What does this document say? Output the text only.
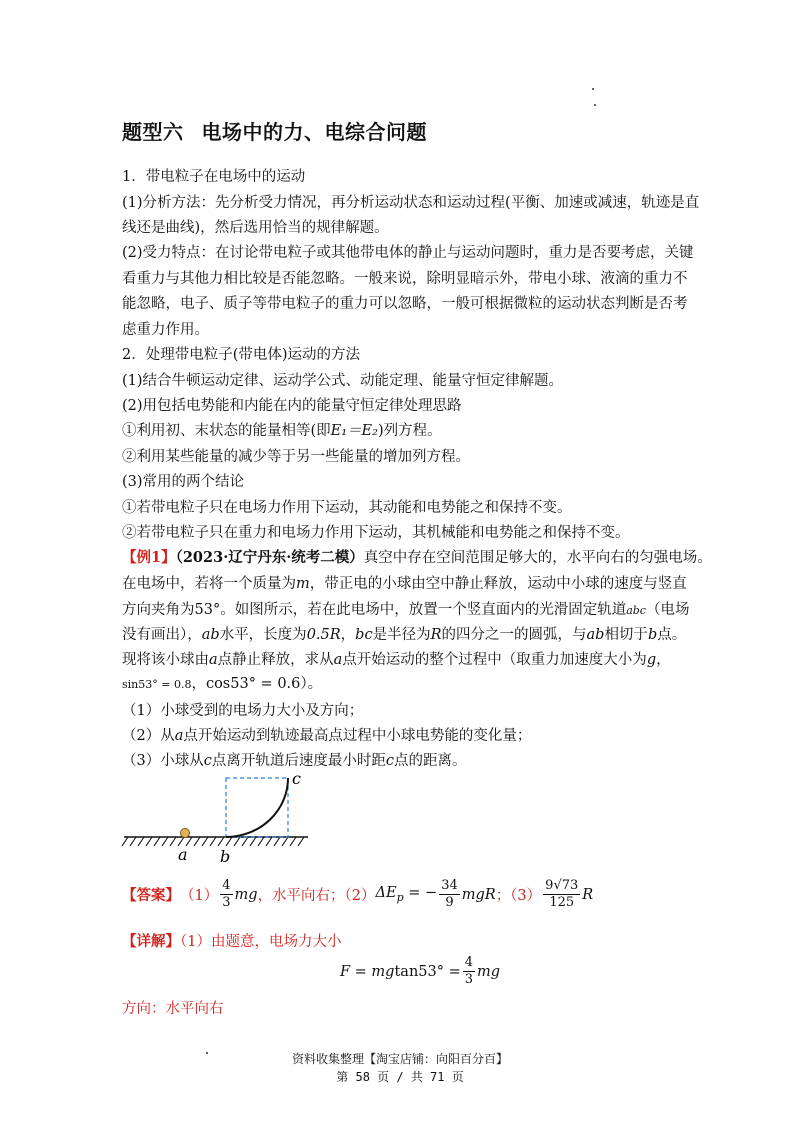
题型六 电场中的力、电综合问题
1．带电粒子在电场中的运动
(1)分析方法：先分析受力情况，再分析运动状态和运动过程(平衡、加速或减速，轨迹是直
线还是曲线)，然后选用恰当的规律解题。
(2)受力特点：在讨论带电粒子或其他带电体的静止与运动问题时，重力是否要考虑，关键
看重力与其他力相比较是否能忽略。一般来说，除明显暗示外，带电小球、液滴的重力不
能忽略，电子、质子等带电粒子的重力可以忽略，一般可根据微粒的运动状态判断是否考
虑重力作用。
2．处理带电粒子(带电体)运动的方法
(1)结合牛顿运动定律、运动学公式、动能定理、能量守恒定律解题。
(2)用包括电势能和内能在内的能量守恒定律处理思路
①利用初、末状态的能量相等(即E₁＝E₂)列方程。
②利用某些能量的减少等于另一些能量的增加列方程。
(3)常用的两个结论
①若带电粒子只在电场力作用下运动，其动能和电势能之和保持不变。
②若带电粒子只在重力和电场力作用下运动，其机械能和电势能之和保持不变。
【例1】（2023·辽宁丹东·统考二模）真空中存在空间范围足够大的，水平向右的匀强电场。
在电场中，若将一个质量为m，带正电的小球由空中静止释放，运动中小球的速度与竖直
方向夹角为53°。如图所示，若在此电场中，放置一个竖直面内的光滑固定轨道abc（电场
没有画出），ab水平，长度为0.5R，bc是半径为R的四分之一的圆弧，与ab相切于b点。
现将该小球由a点静止释放，求从a点开始运动的整个过程中（取重力加速度大小为g，
sin53° = 0.8，cos53° = 0.6）。
（1）小球受到的电场力大小及方向；
（2）从a点开始运动到轨迹最高点过程中小球电势能的变化量；
（3）小球从c点离开轨道后速度最小时距c点的距离。
a b
c
【答案】 $(1) \frac{4}{3}$ mg ，水平向右；（2） $\Delta E_p$ = − $\frac{34}{9}$ mgR ；$(3) \frac{9√73}{125}$ R
【详解】（1）由题意，电场力大小
F = mg $\tan 53^\circ = \frac{4}{3}$ mg
方向：水平向右
资料收集整理【淘宝店铺：向阳百分百】
第 58 页 / 共 71 页
